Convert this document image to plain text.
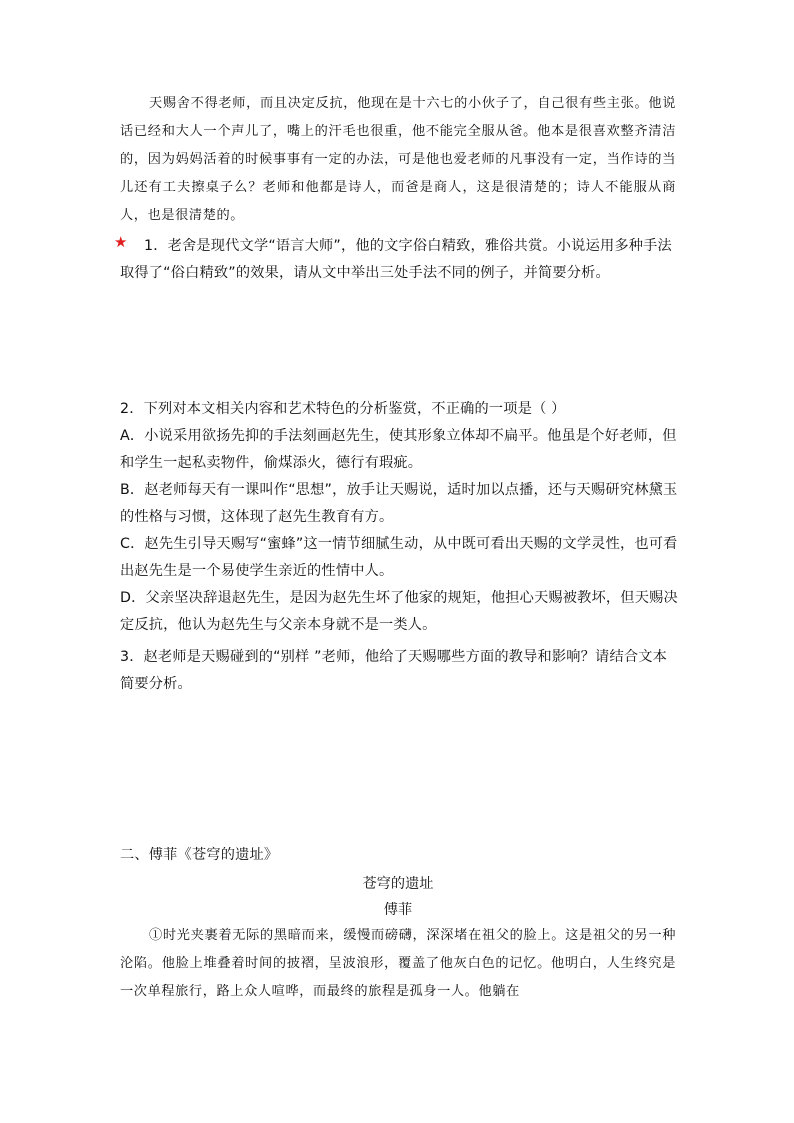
天赐舍不得老师，而且决定反抗，他现在是十六七的小伙子了，自己很有些主张。他说话已经和大人一个声儿了，嘴上的汗毛也很重，他不能完全服从爸。他本是很喜欢整齐清洁的，因为妈妈活着的时候事事有一定的办法，可是他也爱老师的凡事没有一定，当作诗的当儿还有工夫擦桌子么？老师和他都是诗人，而爸是商人，这是很清楚的；诗人不能服从商人，也是很清楚的。

★	1．老舍是现代文学“语言大师”，他的文字俗白精致，雅俗共赏。小说运用多种手法取得了“俗白精致”的效果，请从文中举出三处手法不同的例子，并简要分析。

2．下列对本文相关内容和艺术特色的分析鉴赏，不正确的一项是（ ）

A．小说采用欲扬先抑的手法刻画赵先生，使其形象立体却不扁平。他虽是个好老师，但和学生一起私卖物件，偷煤添火，德行有瑕疵。

B．赵老师每天有一课叫作“思想”，放手让天赐说，适时加以点播，还与天赐研究林黛玉的性格与习惯，这体现了赵先生教育有方。

C．赵先生引导天赐写“蜜蜂”这一情节细腻生动，从中既可看出天赐的文学灵性，也可看出赵先生是一个易使学生亲近的性情中人。

D．父亲坚决辞退赵先生，是因为赵先生坏了他家的规矩，他担心天赐被教坏，但天赐决定反抗，他认为赵先生与父亲本身就不是一类人。

3．赵老师是天赐碰到的“别样 ”老师，他给了天赐哪些方面的教导和影响？请结合文本简要分析。

二、傅菲《苍穹的遗址》

苍穹的遗址
傅菲

①时光夹裹着无际的黑暗而来，缓慢而磅礴，深深堵在祖父的脸上。这是祖父的另一种沦陷。他脸上堆叠着时间的披褶，呈波浪形，覆盖了他灰白色的记忆。他明白，人生终究是一次单程旅行，路上众人喧哗，而最终的旅程是孤身一人。他躺在
